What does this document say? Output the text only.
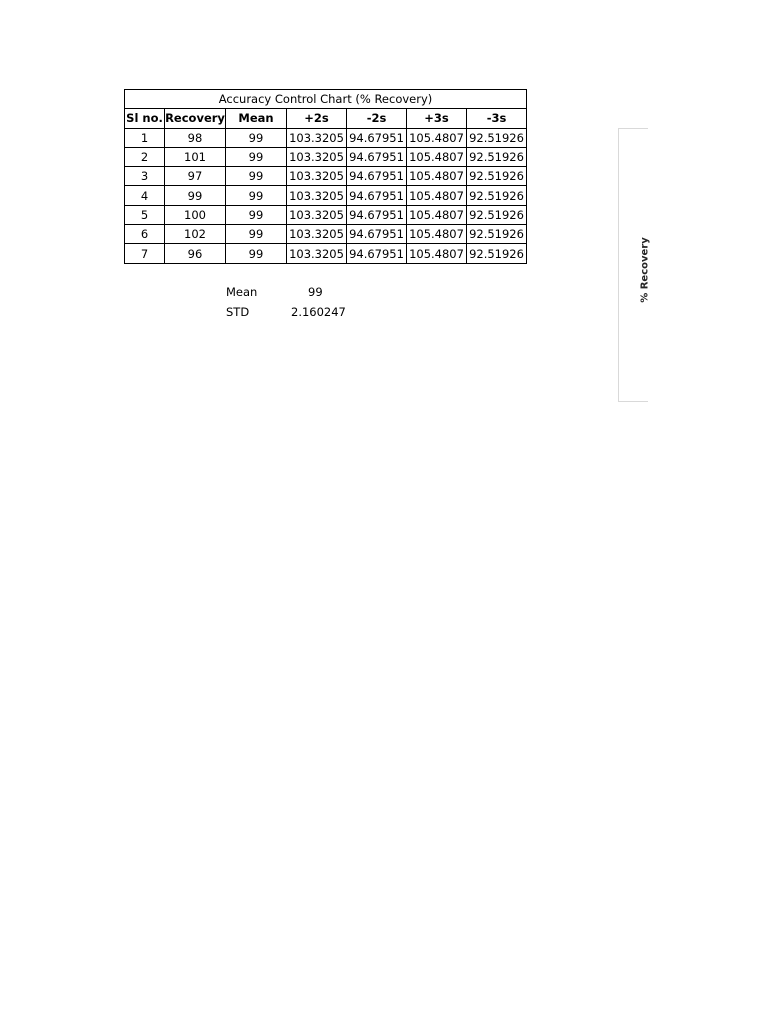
Accuracy Control Chart (% Recovery)						
Sl no.	Recovery	Mean	+2s	-2s	+3s	-3s
1	98	99	103.3205	94.67951	105.4807	92.51926
2	101	99	103.3205	94.67951	105.4807	92.51926
3	97	99	103.3205	94.67951	105.4807	92.51926
4	99	99	103.3205	94.67951	105.4807	92.51926
5	100	99	103.3205	94.67951	105.4807	92.51926
6	102	99	103.3205	94.67951	105.4807	92.51926
7	96	99	103.3205	94.67951	105.4807	92.51926
Mean	99
STD	2.160247
% Recovery
